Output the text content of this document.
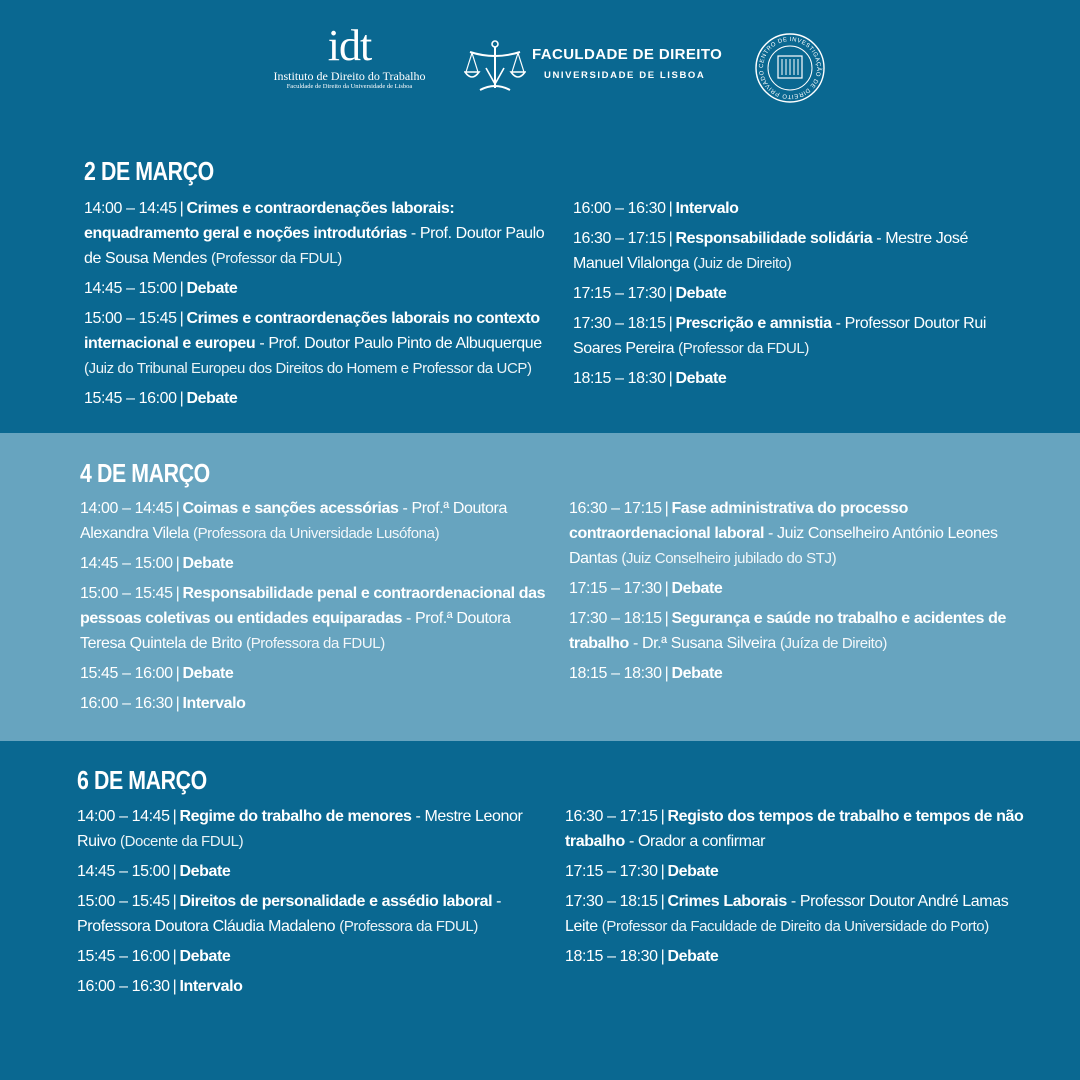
idt
Instituto de Direito do Trabalho
Faculdade de Direito da Universidade de Lisboa
FACULDADE DE DIREITO
UNIVERSIDADE DE LISBOA
CENTRO DE INVESTIGAÇÃO DE DIREITO PRIVADO
2 DE MARÇO
14:00 – 14:45 | Crimes e contraordenações laborais: enquadramento geral e noções introdutórias - Prof. Doutor Paulo de Sousa Mendes (Professor da FDUL)
14:45 – 15:00 | Debate
15:00 – 15:45 | Crimes e contraordenações laborais no contexto internacional e europeu - Prof. Doutor Paulo Pinto de Albuquerque (Juiz do Tribunal Europeu dos Direitos do Homem e Professor da UCP)
15:45 – 16:00 | Debate
16:00 – 16:30 | Intervalo
16:30 – 17:15 | Responsabilidade solidária - Mestre José Manuel Vilalonga (Juiz de Direito)
17:15 – 17:30 | Debate
17:30 – 18:15 | Prescrição e amnistia - Professor Doutor Rui Soares Pereira (Professor da FDUL)
18:15 – 18:30 | Debate
4 DE MARÇO
14:00 – 14:45 | Coimas e sanções acessórias - Prof.ª Doutora Alexandra Vilela (Professora da Universidade Lusófona)
14:45 – 15:00 | Debate
15:00 – 15:45 | Responsabilidade penal e contraordenacional das pessoas coletivas ou entidades equiparadas - Prof.ª Doutora Teresa Quintela de Brito (Professora da FDUL)
15:45 – 16:00 | Debate
16:00 – 16:30 | Intervalo
16:30 – 17:15 | Fase administrativa do processo contraordenacional laboral - Juiz Conselheiro António Leones Dantas (Juiz Conselheiro jubilado do STJ)
17:15 – 17:30 | Debate
17:30 – 18:15 | Segurança e saúde no trabalho e acidentes de trabalho - Dr.ª Susana Silveira (Juíza de Direito)
18:15 – 18:30 | Debate
6 DE MARÇO
14:00 – 14:45 | Regime do trabalho de menores - Mestre Leonor Ruivo (Docente da FDUL)
14:45 – 15:00 | Debate
15:00 – 15:45 | Direitos de personalidade e assédio laboral - Professora Doutora Cláudia Madaleno (Professora da FDUL)
15:45 – 16:00 | Debate
16:00 – 16:30 | Intervalo
16:30 – 17:15 | Registo dos tempos de trabalho e tempos de não trabalho - Orador a confirmar
17:15 – 17:30 | Debate
17:30 – 18:15 | Crimes Laborais - Professor Doutor André Lamas Leite (Professor da Faculdade de Direito da Universidade do Porto)
18:15 – 18:30 | Debate
